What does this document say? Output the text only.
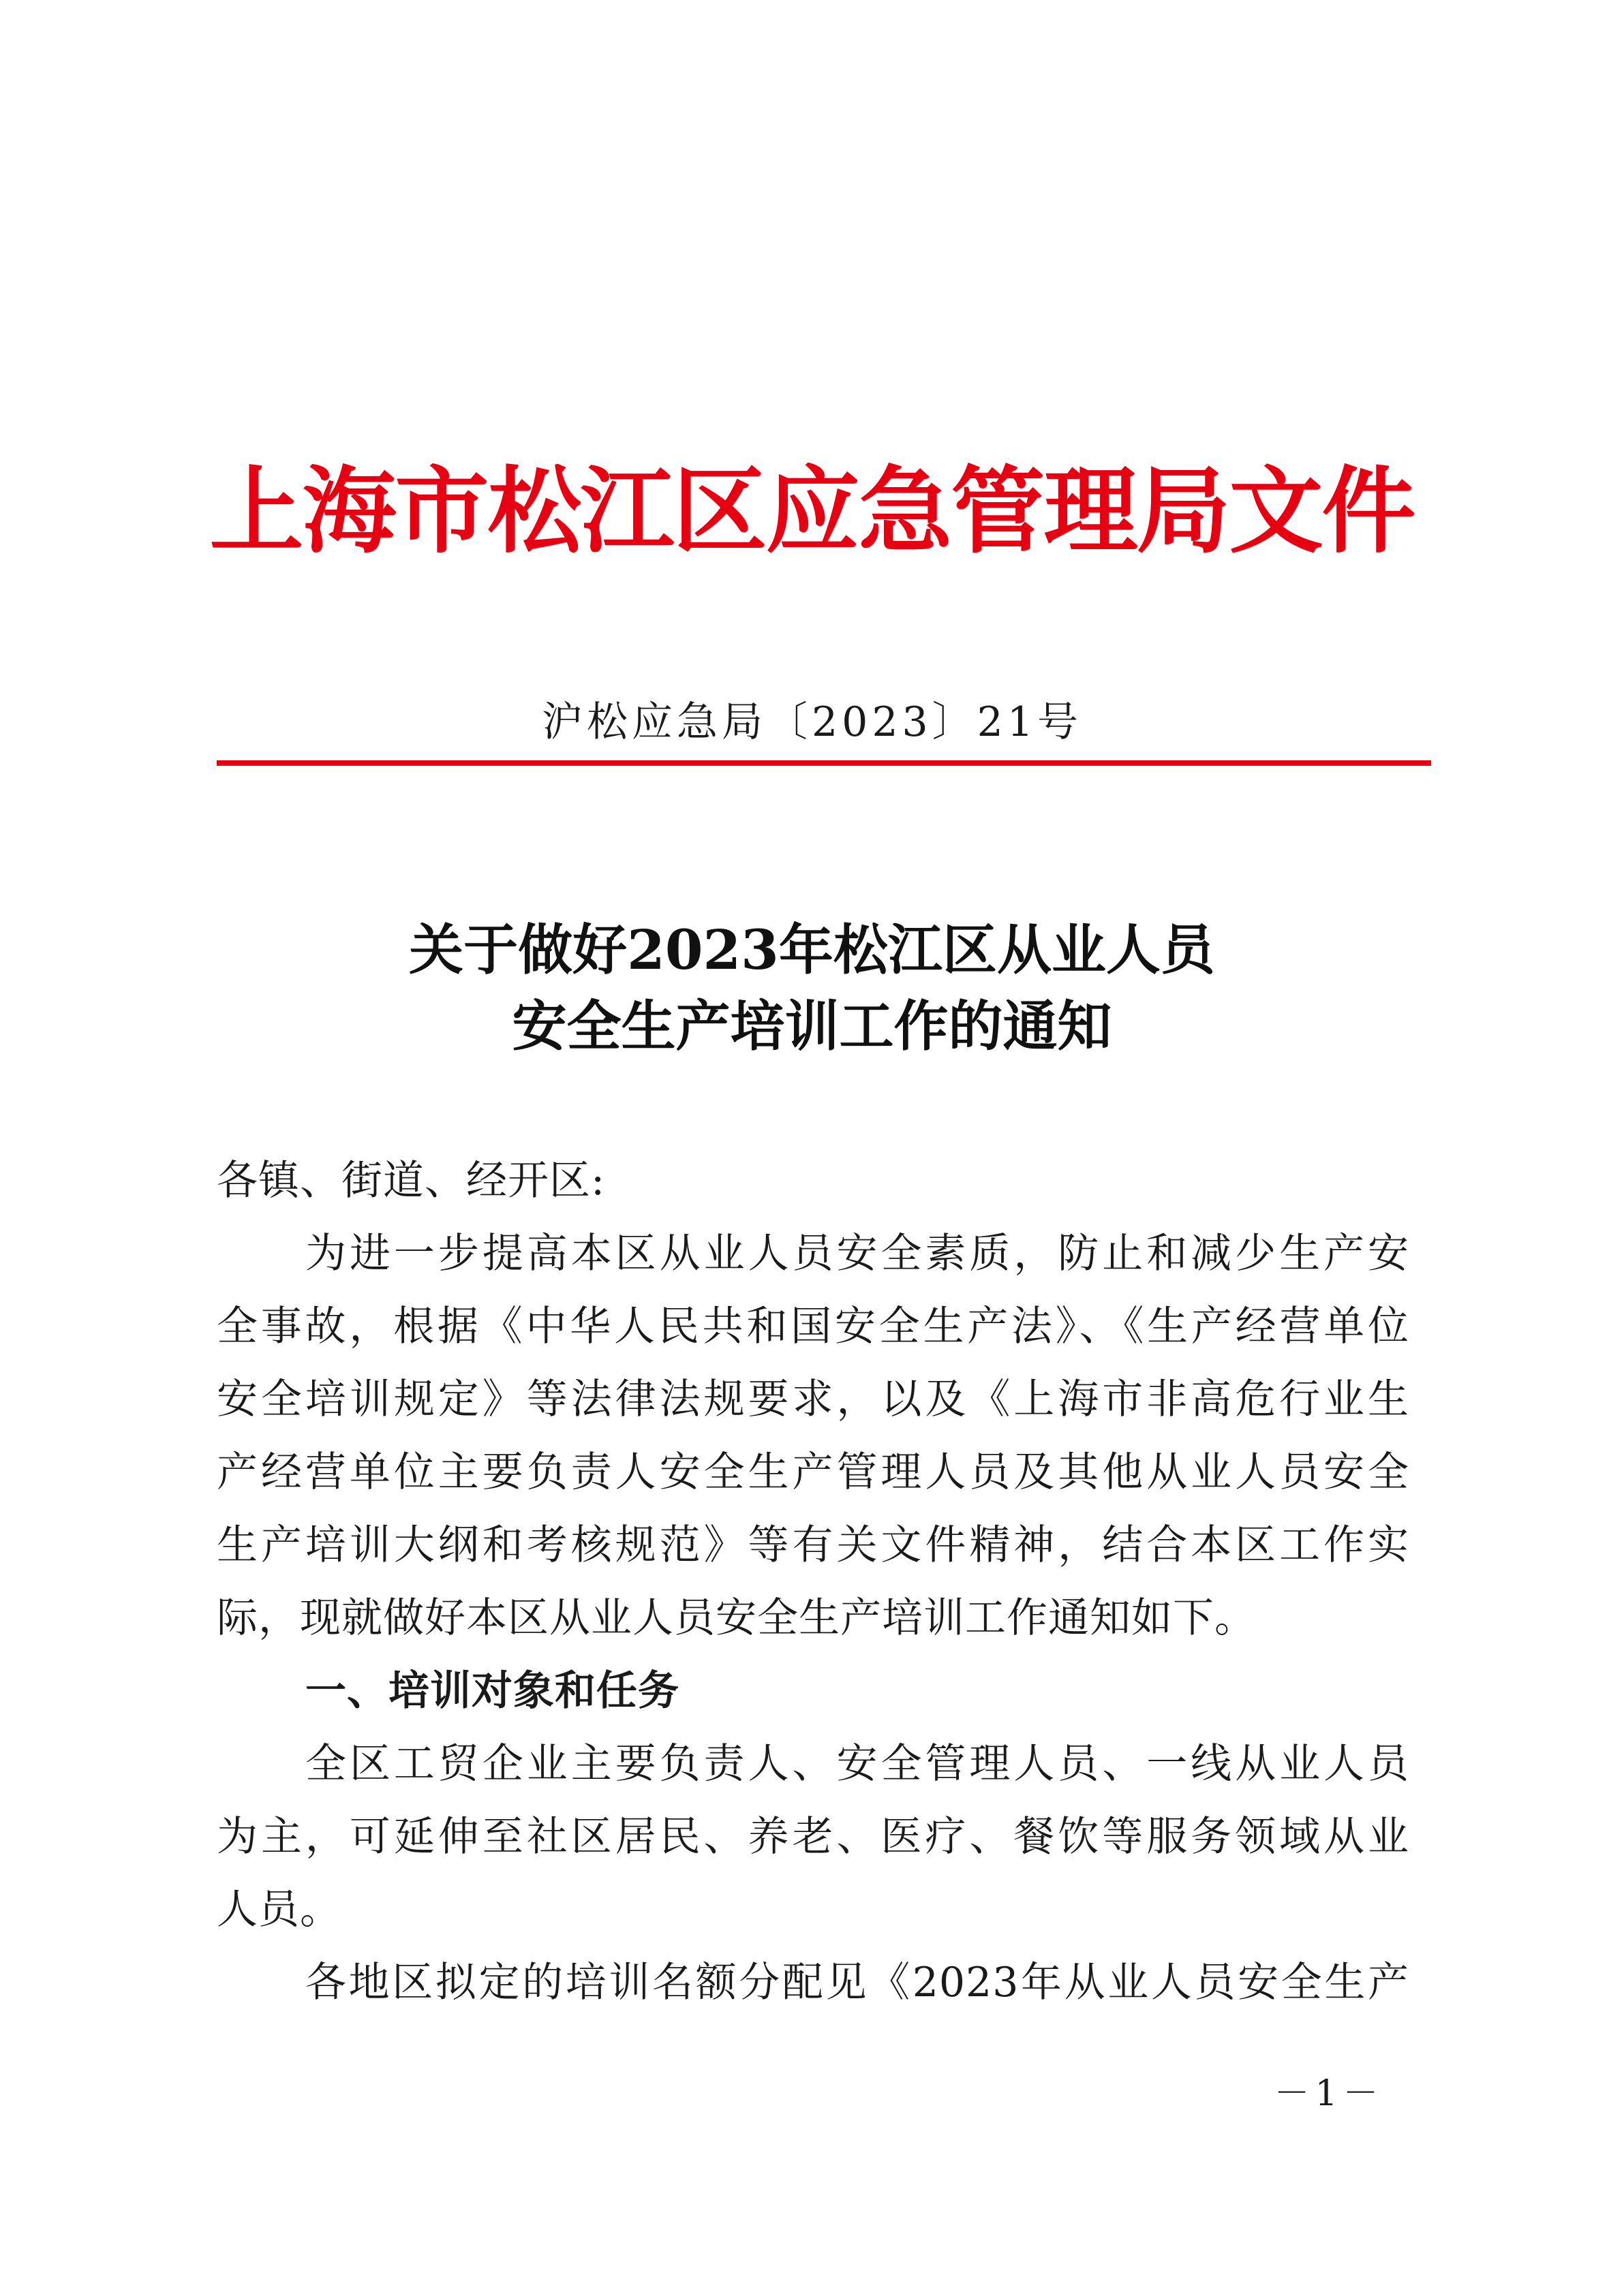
上海市松江区应急管理局文件
沪松应急局〔2023〕21号
关于做好2023年松江区从业人员
安全生产培训工作的通知
各镇、街道、经开区:
为进一步提高本区从业人员安全素质，防止和减少生产安
全事故，根据《中华人民共和国安全生产法》、《生产经营单位
安全培训规定》等法律法规要求，以及《上海市非高危行业生
产经营单位主要负责人安全生产管理人员及其他从业人员安全
生产培训大纲和考核规范》等有关文件精神，结合本区工作实
际，现就做好本区从业人员安全生产培训工作通知如下。
一、培训对象和任务
全区工贸企业主要负责人、安全管理人员、一线从业人员
为主，可延伸至社区居民、养老、医疗、餐饮等服务领域从业
人员。
各地区拟定的培训名额分配见《2023年从业人员安全生产
－1－
